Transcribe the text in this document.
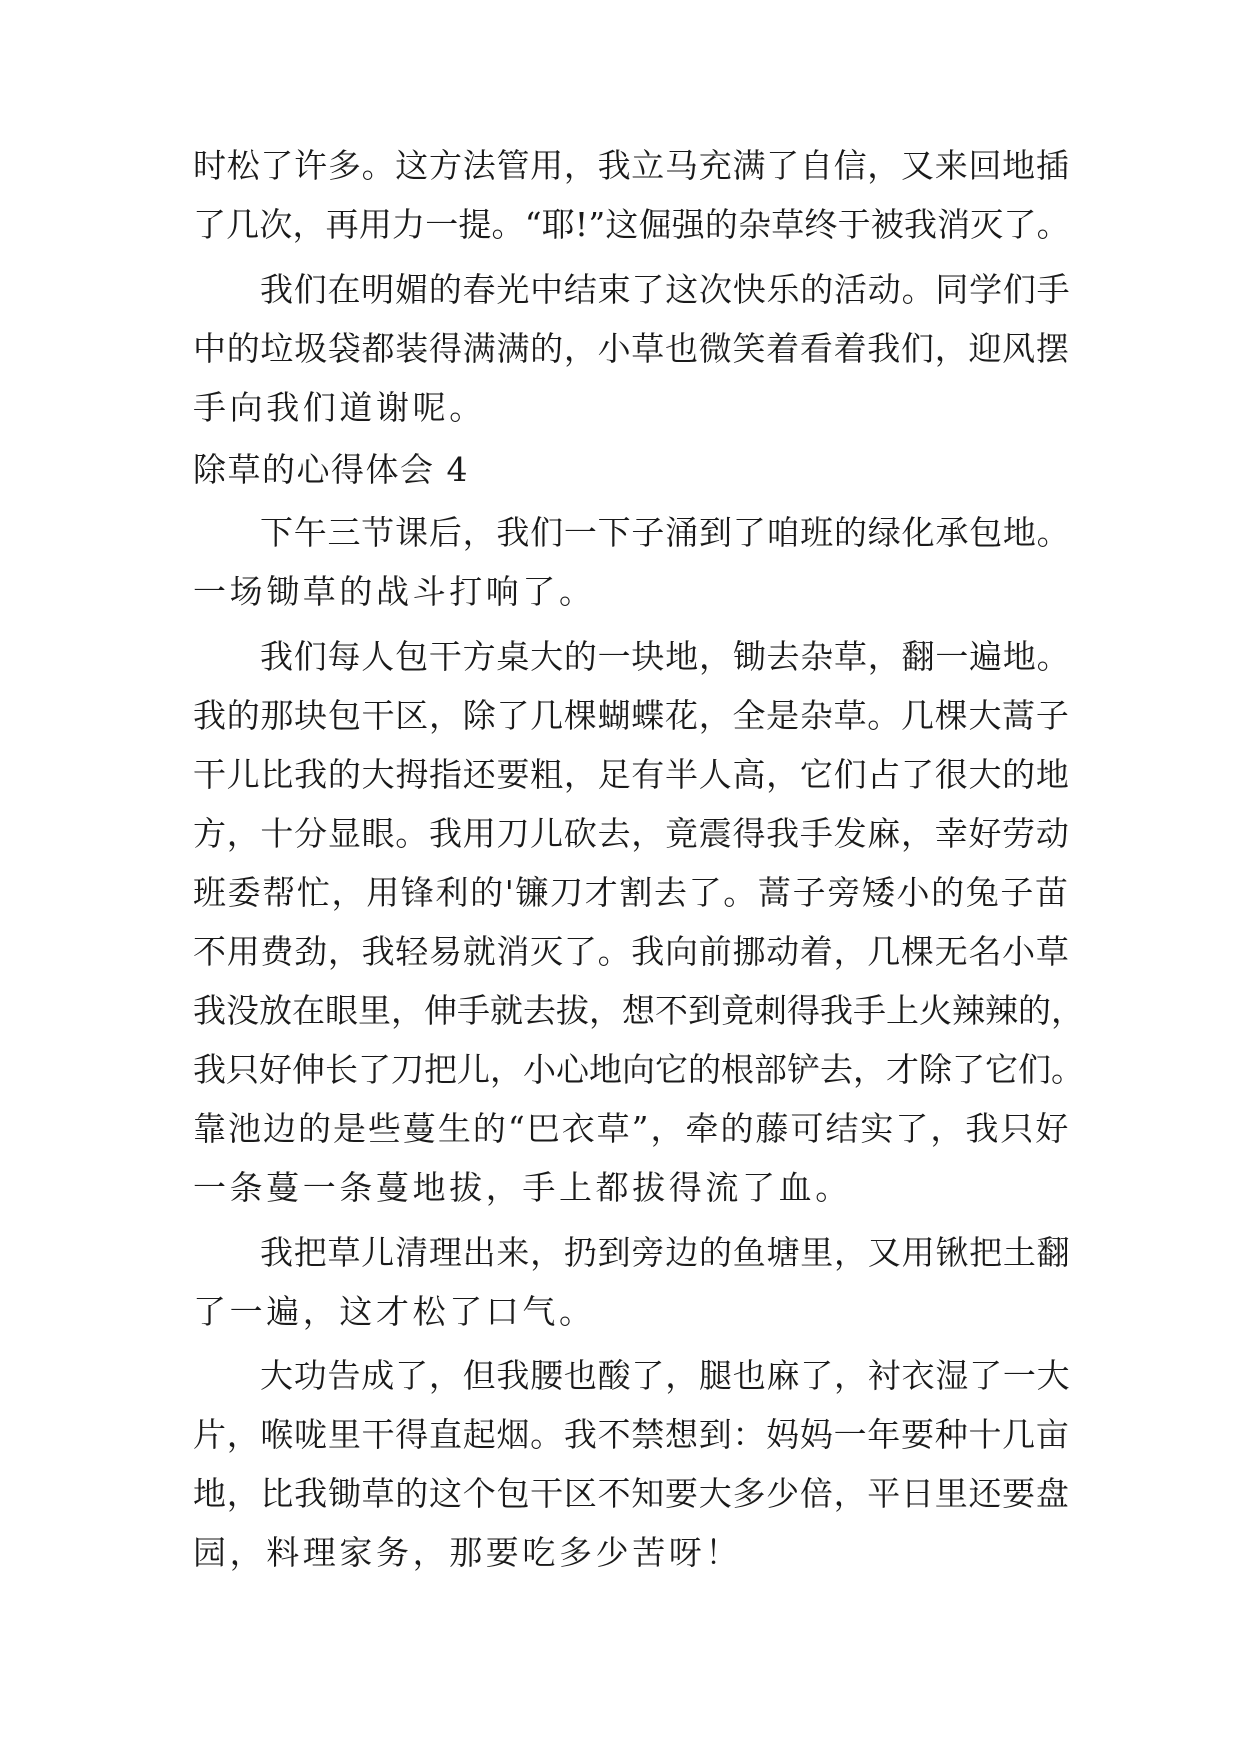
时松了许多。这方法管用，我立马充满了自信，又来回地插

了几次，再用力一提。“耶!”这倔强的杂草终于被我消灭了。

我们在明媚的春光中结束了这次快乐的活动。同学们手

中的垃圾袋都装得满满的，小草也微笑着看着我们，迎风摆

手向我们道谢呢。

除草的心得体会 4

下午三节课后，我们一下子涌到了咱班的绿化承包地。

一场锄草的战斗打响了。

我们每人包干方桌大的一块地，锄去杂草，翻一遍地。

我的那块包干区，除了几棵蝴蝶花，全是杂草。几棵大蒿子

干儿比我的大拇指还要粗，足有半人高，它们占了很大的地

方，十分显眼。我用刀儿砍去，竟震得我手发麻，幸好劳动

班委帮忙，用锋利的'镰刀才割去了。蒿子旁矮小的兔子苗

不用费劲，我轻易就消灭了。我向前挪动着，几棵无名小草

我没放在眼里，伸手就去拔，想不到竟刺得我手上火辣辣的，

我只好伸长了刀把儿，小心地向它的根部铲去，才除了它们。

靠池边的是些蔓生的“巴衣草”，牵的藤可结实了，我只好

一条蔓一条蔓地拔，手上都拔得流了血。

我把草儿清理出来，扔到旁边的鱼塘里，又用锹把土翻

了一遍，这才松了口气。

大功告成了，但我腰也酸了，腿也麻了，衬衣湿了一大

片，喉咙里干得直起烟。我不禁想到：妈妈一年要种十几亩

地，比我锄草的这个包干区不知要大多少倍，平日里还要盘

园，料理家务，那要吃多少苦呀！
